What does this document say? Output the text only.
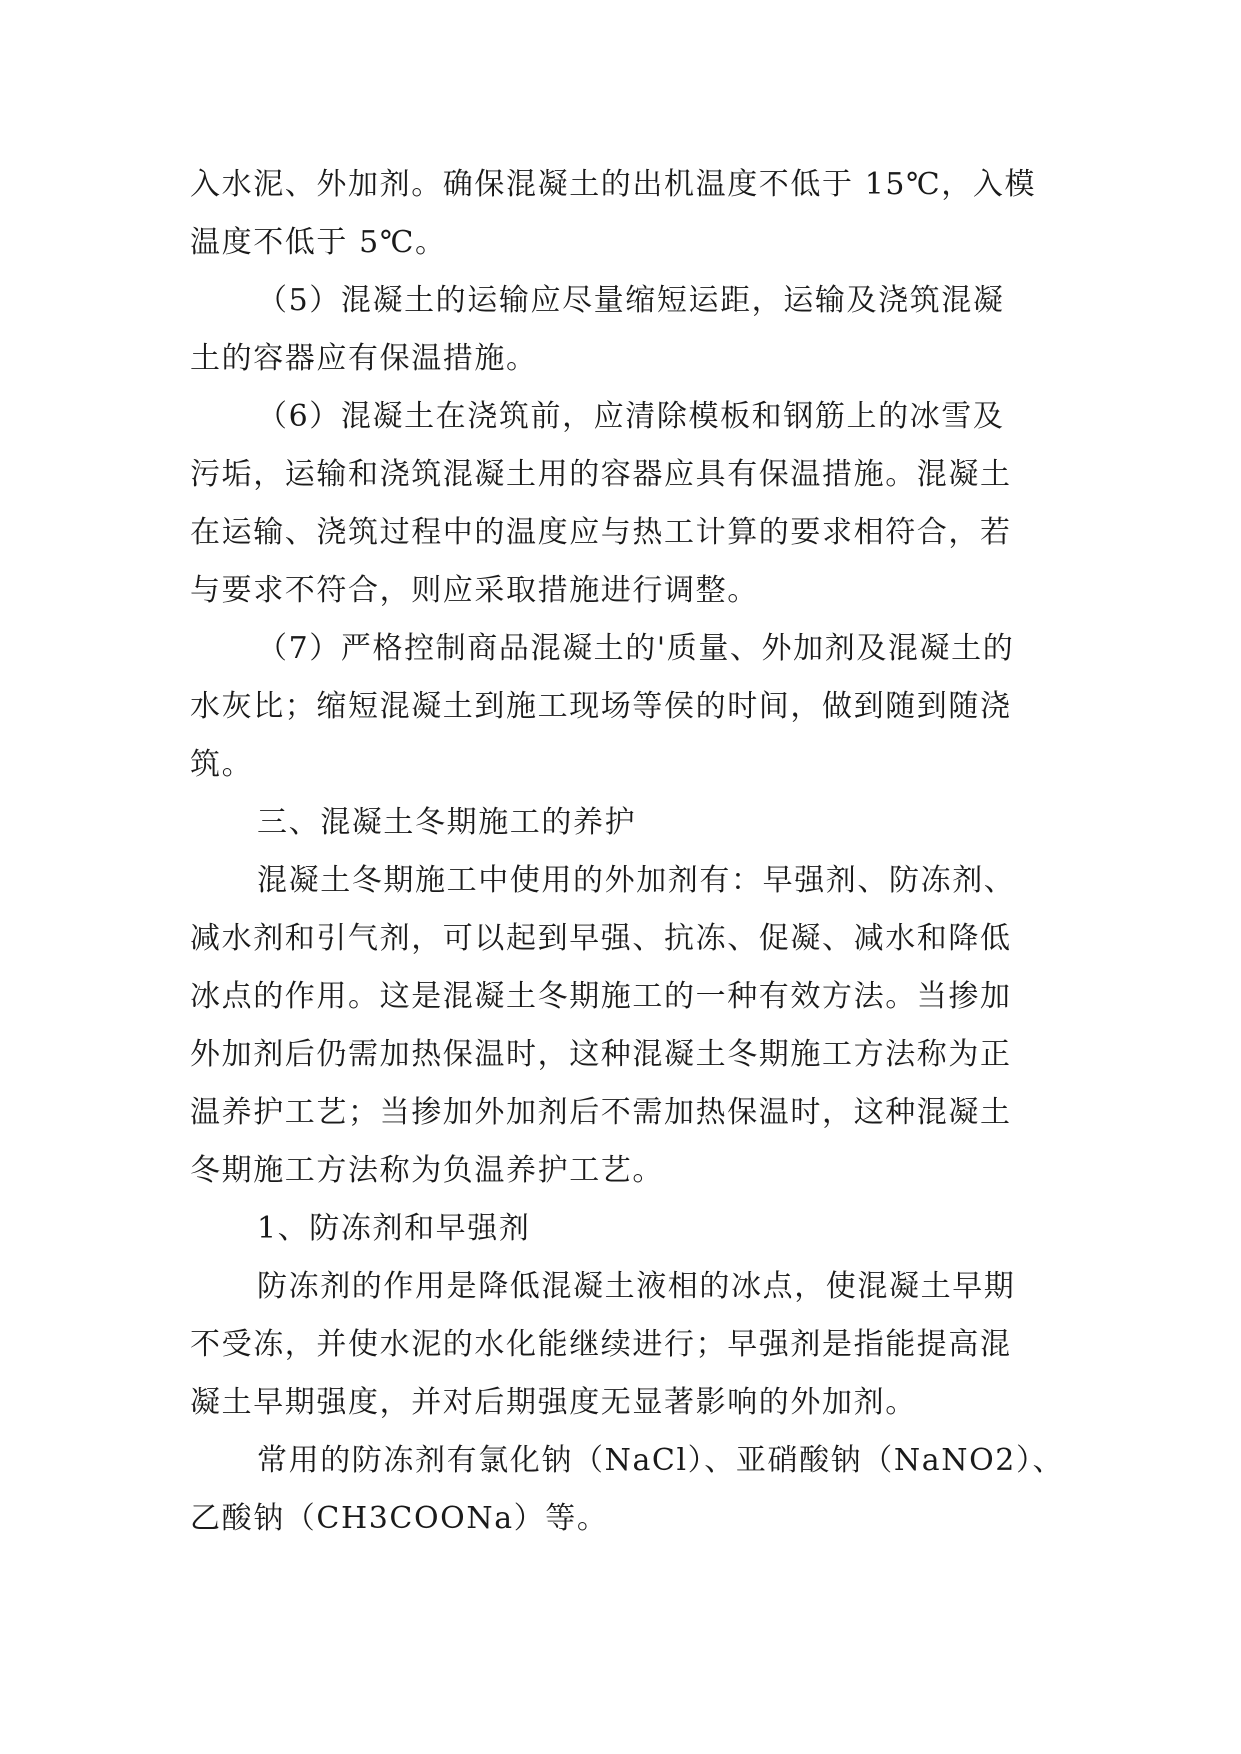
入水泥、外加剂。确保混凝土的出机温度不低于 15℃，入模

温度不低于 5℃。

（5）混凝土的运输应尽量缩短运距，运输及浇筑混凝

土的容器应有保温措施。

（6）混凝土在浇筑前，应清除模板和钢筋上的冰雪及

污垢，运输和浇筑混凝土用的容器应具有保温措施。混凝土

在运输、浇筑过程中的温度应与热工计算的要求相符合，若

与要求不符合，则应采取措施进行调整。

（7）严格控制商品混凝土的'质量、外加剂及混凝土的

水灰比；缩短混凝土到施工现场等侯的时间，做到随到随浇

筑。

三、混凝土冬期施工的养护

混凝土冬期施工中使用的外加剂有：早强剂、防冻剂、

减水剂和引气剂，可以起到早强、抗冻、促凝、减水和降低

冰点的作用。这是混凝土冬期施工的一种有效方法。当掺加

外加剂后仍需加热保温时，这种混凝土冬期施工方法称为正

温养护工艺；当掺加外加剂后不需加热保温时，这种混凝土

冬期施工方法称为负温养护工艺。

1、防冻剂和早强剂

防冻剂的作用是降低混凝土液相的冰点，使混凝土早期

不受冻，并使水泥的水化能继续进行；早强剂是指能提高混

凝土早期强度，并对后期强度无显著影响的外加剂。

常用的防冻剂有氯化钠（NaCl）、亚硝酸钠（NaNO2）、

乙酸钠（CH3COONa）等。
